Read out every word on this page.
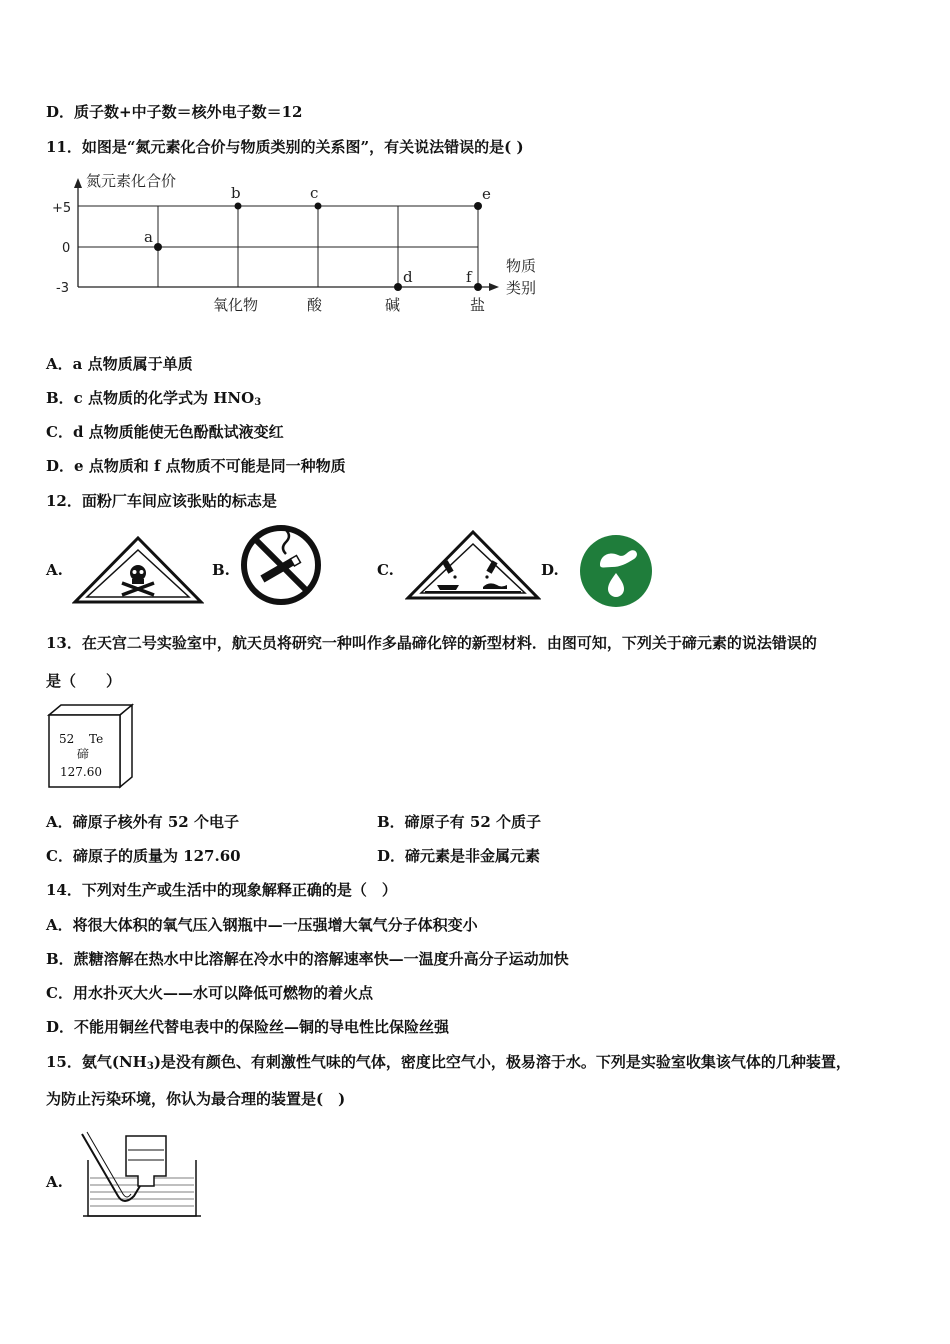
D．质子数+中子数＝核外电子数＝12
11．如图是“氮元素化合价与物质类别的关系图”，有关说法错误的是( )
氮元素化合价
+5
0
-3
物质
类别
氧化物	酸	碱	盐
a
b	c
d
e
f
A．a 点物质属于单质
B．c 点物质的化学式为 $HNO_3$
C．d 点物质能使无色酚酞试液变红
D．e 点物质和 f 点物质不可能是同一种物质
12．面粉厂车间应该张贴的标志是
A.	B.	C.	D.
13．在天宫二号实验室中，航天员将研究一种叫作多晶碲化锌的新型材料．由图可知，下列关于碲元素的说法错误的
是（　　）
52 Te
碲
127.60
A．碲原子核外有 52 个电子	B．碲原子有 52 个质子
C．碲原子的质量为 127.60	D．碲元素是非金属元素
14．下列对生产或生活中的现象解释正确的是（　）
A．将很大体积的氧气压入钢瓶中—一压强增大氧气分子体积变小
B．蔗糖溶解在热水中比溶解在冷水中的溶解速率快—一温度升高分子运动加快
C．用水扑灭大火——水可以降低可燃物的着火点
D．不能用铜丝代替电表中的保险丝—铜的导电性比保险丝强
15．氨气$(NH_3)$是没有颜色、有刺激性气味的气体，密度比空气小，极易溶于水。下列是实验室收集该气体的几种装置，
为防止污染环境，你认为最合理的装置是(　)
A.
